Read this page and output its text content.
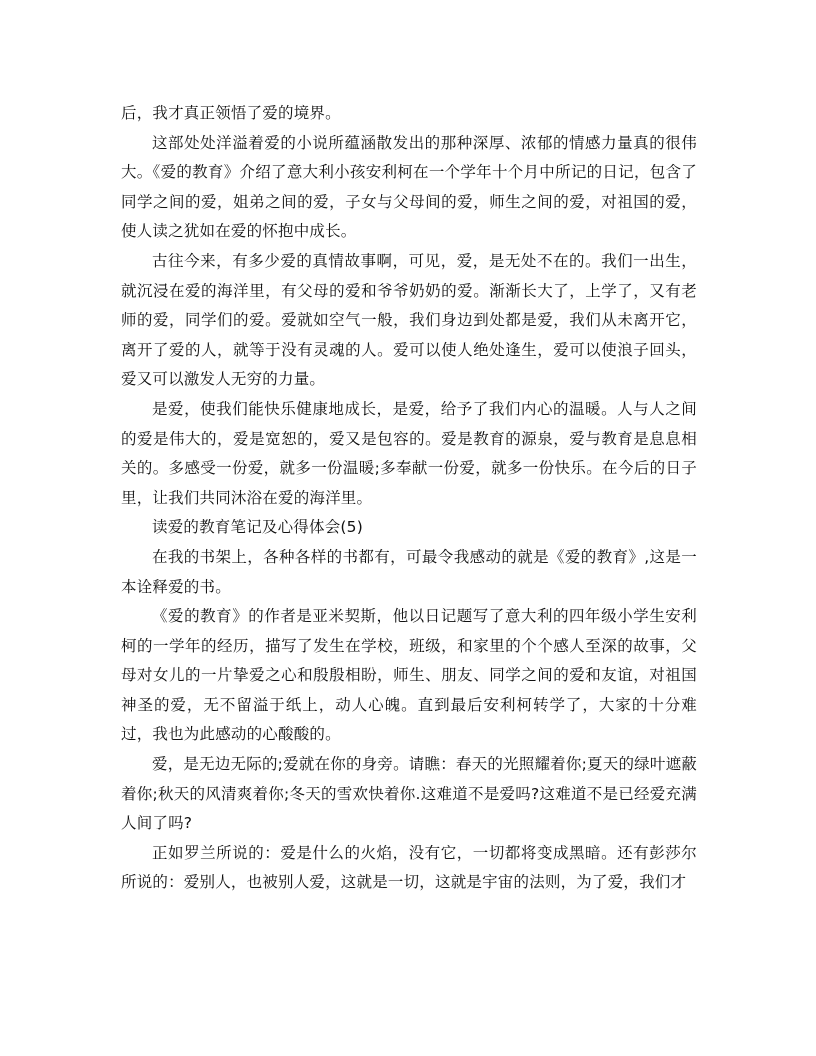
后，我才真正领悟了爱的境界。

这部处处洋溢着爱的小说所蕴涵散发出的那种深厚、浓郁的情感力量真的很伟大。《爱的教育》介绍了意大利小孩安利柯在一个学年十个月中所记的日记，包含了同学之间的爱，姐弟之间的爱，子女与父母间的爱，师生之间的爱，对祖国的爱，使人读之犹如在爱的怀抱中成长。

古往今来，有多少爱的真情故事啊，可见，爱，是无处不在的。我们一出生，就沉浸在爱的海洋里，有父母的爱和爷爷奶奶的爱。渐渐长大了，上学了，又有老师的爱，同学们的爱。爱就如空气一般，我们身边到处都是爱，我们从未离开它，离开了爱的人，就等于没有灵魂的人。爱可以使人绝处逢生，爱可以使浪子回头，爱又可以激发人无穷的力量。

是爱，使我们能快乐健康地成长，是爱，给予了我们内心的温暖。人与人之间的爱是伟大的，爱是宽恕的，爱又是包容的。爱是教育的源泉，爱与教育是息息相关的。多感受一份爱，就多一份温暖;多奉献一份爱，就多一份快乐。在今后的日子里，让我们共同沐浴在爱的海洋里。

读爱的教育笔记及心得体会(5)

在我的书架上，各种各样的书都有，可最令我感动的就是《爱的教育》,这是一本诠释爱的书。

《爱的教育》的作者是亚米契斯，他以日记题写了意大利的四年级小学生安利柯的一学年的经历，描写了发生在学校，班级，和家里的个个感人至深的故事，父母对女儿的一片挚爱之心和殷殷相盼，师生、朋友、同学之间的爱和友谊，对祖国神圣的爱，无不留溢于纸上，动人心魄。直到最后安利柯转学了，大家的十分难过，我也为此感动的心酸酸的。

爱，是无边无际的;爱就在你的身旁。请瞧：春天的光照耀着你;夏天的绿叶遮蔽着你;秋天的风清爽着你;冬天的雪欢快着你.这难道不是爱吗?这难道不是已经爱充满人间了吗?

正如罗兰所说的：爱是什么的火焰，没有它，一切都将变成黑暗。还有彭莎尔所说的：爱别人，也被别人爱，这就是一切，这就是宇宙的法则，为了爱，我们才
